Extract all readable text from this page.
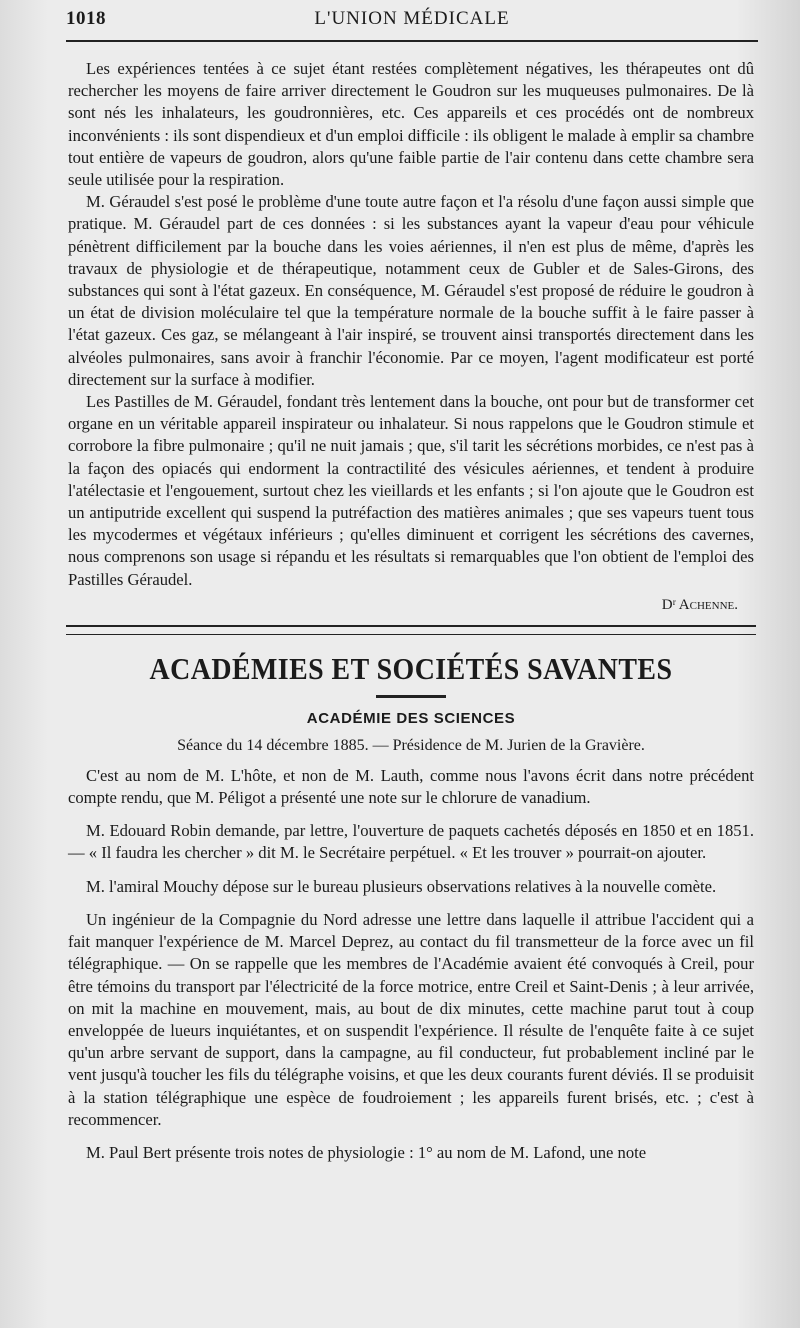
1018	L'UNION MÉDICALE

Les expériences tentées à ce sujet étant restées complètement négatives, les thérapeutes ont dû rechercher les moyens de faire arriver directement le Goudron sur les muqueuses pulmonaires. De là sont nés les inhalateurs, les goudronnières, etc. Ces appareils et ces procédés ont de nombreux inconvénients : ils sont dispendieux et d'un emploi difficile : ils obligent le malade à emplir sa chambre tout entière de vapeurs de goudron, alors qu'une faible partie de l'air contenu dans cette chambre sera seule utilisée pour la respiration.

M. Géraudel s'est posé le problème d'une toute autre façon et l'a résolu d'une façon aussi simple que pratique. M. Géraudel part de ces données : si les substances ayant la vapeur d'eau pour véhicule pénètrent difficilement par la bouche dans les voies aériennes, il n'en est plus de même, d'après les travaux de physiologie et de thérapeutique, notamment ceux de Gubler et de Sales-Girons, des substances qui sont à l'état gazeux. En conséquence, M. Géraudel s'est proposé de réduire le goudron à un état de division moléculaire tel que la température normale de la bouche suffit à le faire passer à l'état gazeux. Ces gaz, se mélangeant à l'air inspiré, se trouvent ainsi transportés directement dans les alvéoles pulmonaires, sans avoir à franchir l'économie. Par ce moyen, l'agent modificateur est porté directement sur la surface à modifier.

Les Pastilles de M. Géraudel, fondant très lentement dans la bouche, ont pour but de transformer cet organe en un véritable appareil inspirateur ou inhalateur. Si nous rappelons que le Goudron stimule et corrobore la fibre pulmonaire ; qu'il ne nuit jamais ; que, s'il tarit les sécrétions morbides, ce n'est pas à la façon des opiacés qui endorment la contractilité des vésicules aériennes, et tendent à produire l'atélectasie et l'engouement, surtout chez les vieillards et les enfants ; si l'on ajoute que le Goudron est un antiputride excellent qui suspend la putréfaction des matières animales ; que ses vapeurs tuent tous les mycodermes et végétaux inférieurs ; qu'elles diminuent et corrigent les sécrétions des cavernes, nous comprenons son usage si répandu et les résultats si remarquables que l'on obtient de l'emploi des Pastilles Géraudel.

Dʳ Achenne.
ACADÉMIES ET SOCIÉTÉS SAVANTES
ACADÉMIE DES SCIENCES
Séance du 14 décembre 1885. — Présidence de M. Jurien de la Gravière.

C'est au nom de M. L'hôte, et non de M. Lauth, comme nous l'avons écrit dans notre précédent compte rendu, que M. Péligot a présenté une note sur le chlorure de vanadium.

M. Edouard Robin demande, par lettre, l'ouverture de paquets cachetés déposés en 1850 et en 1851. — « Il faudra les chercher » dit M. le Secrétaire perpétuel. « Et les trouver » pourrait-on ajouter.

M. l'amiral Mouchy dépose sur le bureau plusieurs observations relatives à la nouvelle comète.

Un ingénieur de la Compagnie du Nord adresse une lettre dans laquelle il attribue l'accident qui a fait manquer l'expérience de M. Marcel Deprez, au contact du fil transmetteur de la force avec un fil télégraphique. — On se rappelle que les membres de l'Académie avaient été convoqués à Creil, pour être témoins du transport par l'électricité de la force motrice, entre Creil et Saint-Denis ; à leur arrivée, on mit la machine en mouvement, mais, au bout de dix minutes, cette machine parut tout à coup enveloppée de lueurs inquiétantes, et on suspendit l'expérience. Il résulte de l'enquête faite à ce sujet qu'un arbre servant de support, dans la campagne, au fil conducteur, fut probablement incliné par le vent jusqu'à toucher les fils du télégraphe voisins, et que les deux courants furent déviés. Il se produisit à la station télégraphique une espèce de foudroiement ; les appareils furent brisés, etc. ; c'est à recommencer.

M. Paul Bert présente trois notes de physiologie : 1° au nom de M. Lafond, une note
